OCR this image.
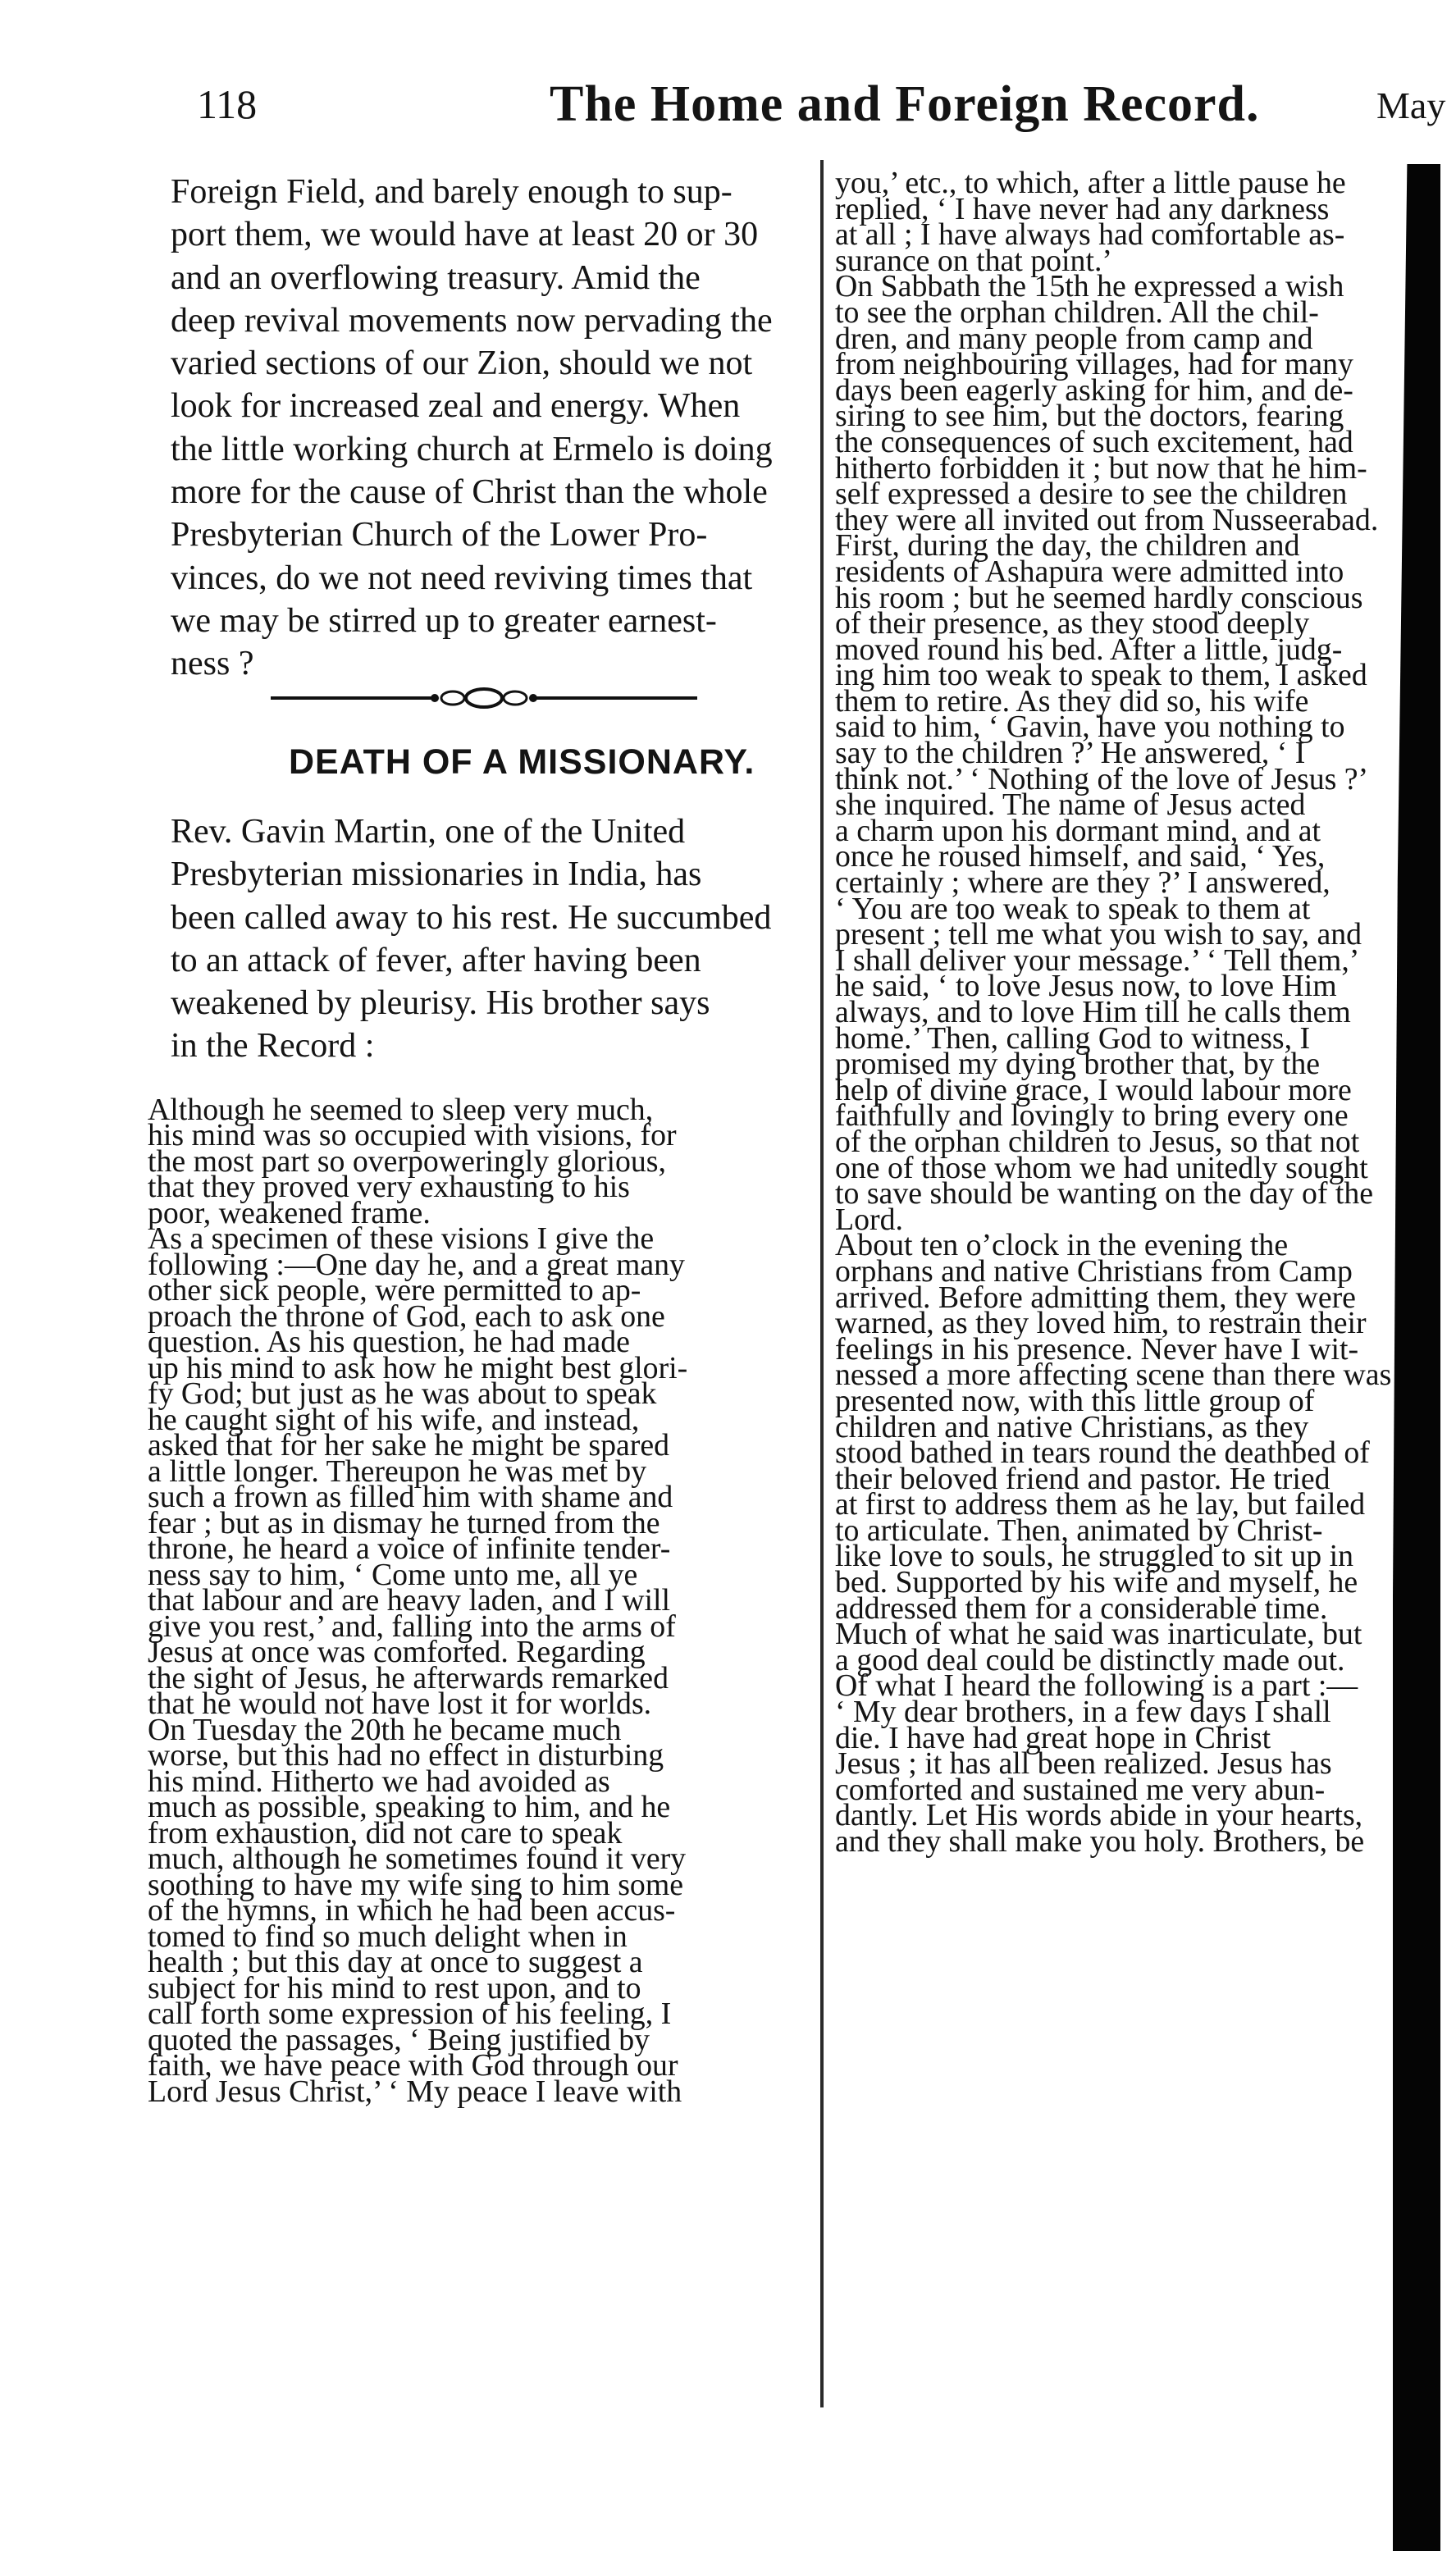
118	The Home and Foreign Record.	May
Foreign Field, and barely enough to sup-
port them, we would have at least 20 or 30
and an overflowing treasury. Amid the
deep revival movements now pervading the
varied sections of our Zion, should we not
look for increased zeal and energy. When
the little working church at Ermelo is doing
more for the cause of Christ than the whole
Presbyterian Church of the Lower Pro-
vinces, do we not need reviving times that
we may be stirred up to greater earnest-
ness ?
DEATH OF A MISSIONARY.
Rev. Gavin Martin, one of the United
Presbyterian missionaries in India, has
been called away to his rest. He succumbed
to an attack of fever, after having been
weakened by pleurisy. His brother says
in the Record :

Although he seemed to sleep very much,
his mind was so occupied with visions, for
the most part so overpoweringly glorious,
that they proved very exhausting to his
poor, weakened frame.
As a specimen of these visions I give the
following :—One day he, and a great many
other sick people, were permitted to ap-
proach the throne of God, each to ask one
question. As his question, he had made
up his mind to ask how he might best glori-
fy God; but just as he was about to speak
he caught sight of his wife, and instead,
asked that for her sake he might be spared
a little longer. Thereupon he was met by
such a frown as filled him with shame and
fear ; but as in dismay he turned from the
throne, he heard a voice of infinite tender-
ness say to him, ‘ Come unto me, all ye
that labour and are heavy laden, and I will
give you rest,’ and, falling into the arms of
Jesus at once was comforted. Regarding
the sight of Jesus, he afterwards remarked
that he would not have lost it for worlds.
On Tuesday the 20th he became much
worse, but this had no effect in disturbing
his mind. Hitherto we had avoided as
much as possible, speaking to him, and he
from exhaustion, did not care to speak
much, although he sometimes found it very
soothing to have my wife sing to him some
of the hymns, in which he had been accus-
tomed to find so much delight when in
health ; but this day at once to suggest a
subject for his mind to rest upon, and to
call forth some expression of his feeling, I
quoted the passages, ‘ Being justified by
faith, we have peace with God through our
Lord Jesus Christ,’ ‘ My peace I leave with

you,’ etc., to which, after a little pause he
replied, ‘ I have never had any darkness
at all ; I have always had comfortable as-
surance on that point.’
On Sabbath the 15th he expressed a wish
to see the orphan children. All the chil-
dren, and many people from camp and
from neighbouring villages, had for many
days been eagerly asking for him, and de-
siring to see him, but the doctors, fearing
the consequences of such excitement, had
hitherto forbidden it ; but now that he him-
self expressed a desire to see the children
they were all invited out from Nusseerabad.
First, during the day, the children and
residents of Ashapura were admitted into
his room ; but he seemed hardly conscious
of their presence, as they stood deeply
moved round his bed. After a little, judg-
ing him too weak to speak to them, I asked
them to retire. As they did so, his wife
said to him, ‘ Gavin, have you nothing to
say to the children ?’ He answered, ‘ I
think not.’ ‘ Nothing of the love of Jesus ?’
she inquired. The name of Jesus acted
a charm upon his dormant mind, and at
once he roused himself, and said, ‘ Yes,
certainly ; where are they ?’ I answered,
‘ You are too weak to speak to them at
present ; tell me what you wish to say, and
I shall deliver your message.’ ‘ Tell them,’
he said, ‘ to love Jesus now, to love Him
always, and to love Him till he calls them
home.’ Then, calling God to witness, I
promised my dying brother that, by the
help of divine grace, I would labour more
faithfully and lovingly to bring every one
of the orphan children to Jesus, so that not
one of those whom we had unitedly sought
to save should be wanting on the day of the
Lord.
About ten o’clock in the evening the
orphans and native Christians from Camp
arrived. Before admitting them, they were
warned, as they loved him, to restrain their
feelings in his presence. Never have I wit-
nessed a more affecting scene than there was
presented now, with this little group of
children and native Christians, as they
stood bathed in tears round the deathbed of
their beloved friend and pastor. He tried
at first to address them as he lay, but failed
to articulate. Then, animated by Christ-
like love to souls, he struggled to sit up in
bed. Supported by his wife and myself, he
addressed them for a considerable time.
Much of what he said was inarticulate, but
a good deal could be distinctly made out.
Of what I heard the following is a part :—
‘ My dear brothers, in a few days I shall
die. I have had great hope in Christ
Jesus ; it has all been realized. Jesus has
comforted and sustained me very abun-
dantly. Let His words abide in your hearts,
and they shall make you holy. Brothers, be
